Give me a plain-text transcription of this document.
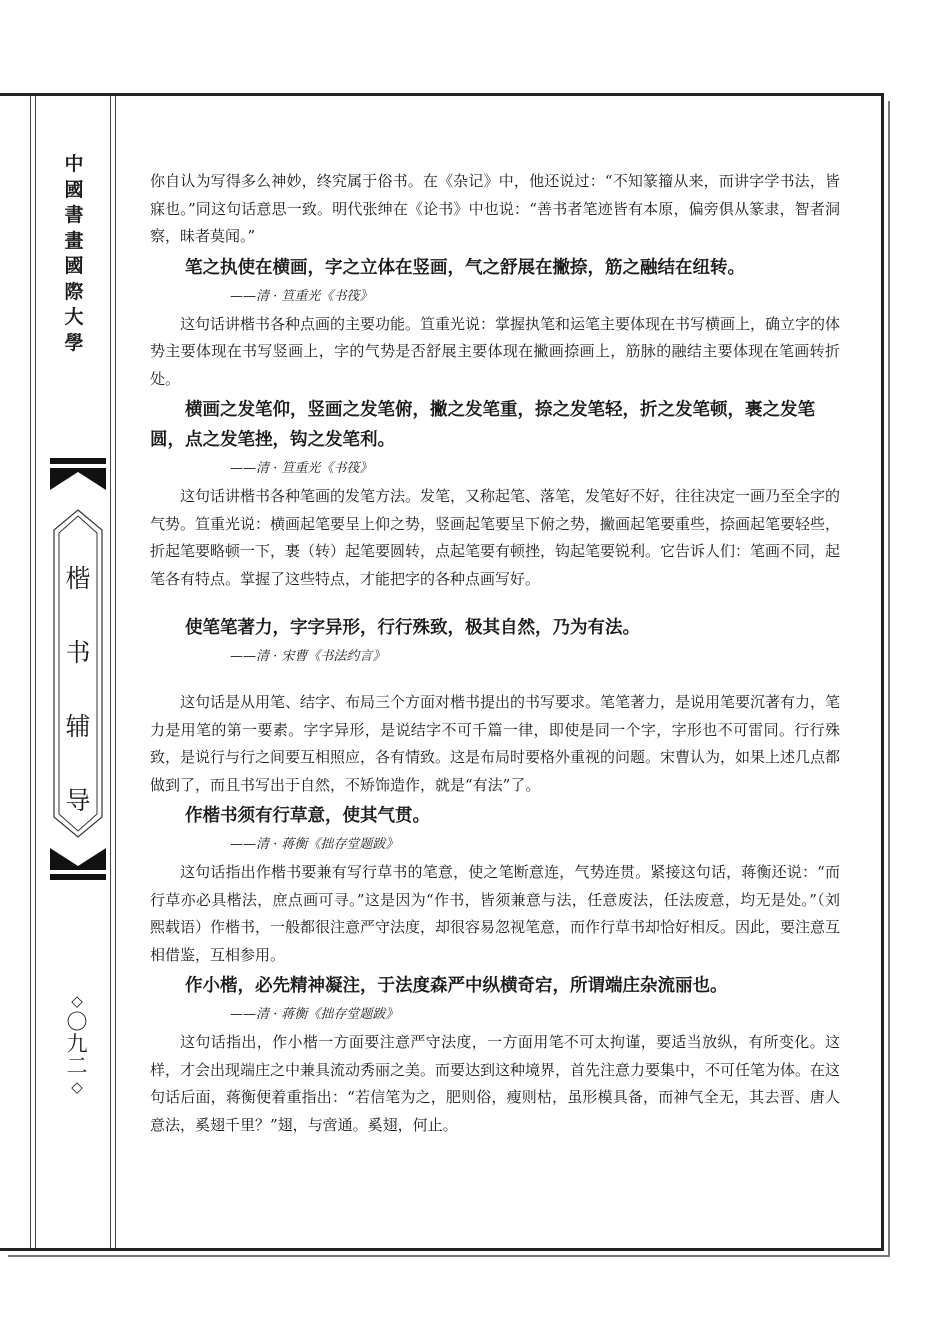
中
國
書
畫
國
際
大
學
楷
书
辅
导
◇
〇
九
二
◇

你自认为写得多么神妙，终究属于俗书。在《杂记》中，他还说过：“不知篆籀从来，而讲字学书法，皆寐也。”同这句话意思一致。明代张绅在《论书》中也说：“善书者笔迹皆有本原，偏旁俱从篆隶，智者洞察，昧者莫闻。”

笔之执使在横画，字之立体在竖画，气之舒展在撇捺，筋之融结在纽转。

——清 · 笪重光《书筏》

这句话讲楷书各种点画的主要功能。笪重光说：掌握执笔和运笔主要体现在书写横画上，确立字的体势主要体现在书写竖画上，字的气势是否舒展主要体现在撇画捺画上，筋脉的融结主要体现在笔画转折处。

横画之发笔仰，竖画之发笔俯，撇之发笔重，捺之发笔轻，折之发笔顿，裹之发笔圆，点之发笔挫，钩之发笔利。

——清 · 笪重光《书筏》

这句话讲楷书各种笔画的发笔方法。发笔，又称起笔、落笔，发笔好不好，往往决定一画乃至全字的气势。笪重光说：横画起笔要呈上仰之势，竖画起笔要呈下俯之势，撇画起笔要重些，捺画起笔要轻些，折起笔要略顿一下，裹（转）起笔要圆转，点起笔要有顿挫，钩起笔要锐利。它告诉人们：笔画不同，起笔各有特点。掌握了这些特点，才能把字的各种点画写好。

使笔笔著力，字字异形，行行殊致，极其自然，乃为有法。

——清 · 宋曹《书法约言》

这句话是从用笔、结字、布局三个方面对楷书提出的书写要求。笔笔著力，是说用笔要沉著有力，笔力是用笔的第一要素。字字异形，是说结字不可千篇一律，即使是同一个字，字形也不可雷同。行行殊致，是说行与行之间要互相照应，各有情致。这是布局时要格外重视的问题。宋曹认为，如果上述几点都做到了，而且书写出于自然，不矫饰造作，就是“有法”了。

作楷书须有行草意，使其气贯。

——清 · 蒋衡《拙存堂题跋》

这句话指出作楷书要兼有写行草书的笔意，使之笔断意连，气势连贯。紧接这句话，蒋衡还说：“而行草亦必具楷法，庶点画可寻。”这是因为“作书，皆须兼意与法，任意废法，任法废意，均无是处。”（刘熙载语）作楷书，一般都很注意严守法度，却很容易忽视笔意，而作行草书却恰好相反。因此，要注意互相借鉴，互相参用。

作小楷，必先精神凝注，于法度森严中纵横奇宕，所谓端庄杂流丽也。

——清 · 蒋衡《拙存堂题跋》

这句话指出，作小楷一方面要注意严守法度，一方面用笔不可太拘谨，要适当放纵，有所变化。这样，才会出现端庄之中兼具流动秀丽之美。而要达到这种境界，首先注意力要集中，不可任笔为体。在这句话后面，蒋衡便着重指出：“若信笔为之，肥则俗，瘦则枯，虽形模具备，而神气全无，其去晋、唐人意法，奚翅千里？”翅，与啻通。奚翅，何止。
